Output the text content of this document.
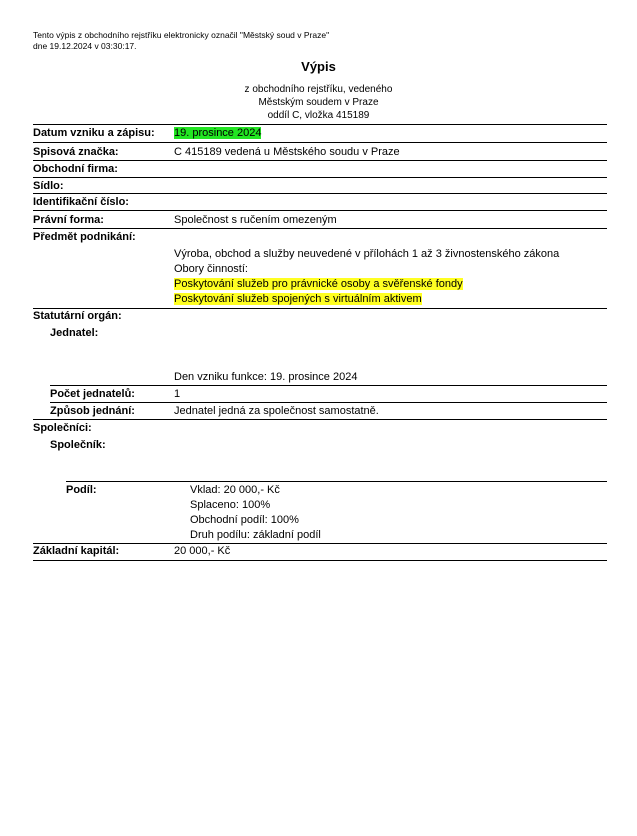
Tento výpis z obchodního rejstříku elektronicky označil "Městský soud v Praze"
dne 19.12.2024 v 03:30:17.
Výpis
z obchodního rejstříku, vedeného
Městským soudem v Praze
oddíl C, vložka 415189
Datum vzniku a zápisu: 19. prosince 2024
Spisová značka:	C 415189 vedená u Městského soudu v Praze
Obchodní firma:
Sídlo:
Identifikační číslo:
Právní forma:	Společnost s ručením omezeným
Předmět podnikání:
Výroba, obchod a služby neuvedené v přílohách 1 až 3 živnostenského zákona
Obory činností:
Poskytování služeb pro právnické osoby a svěřenské fondy
Poskytování služeb spojených s virtuálním aktivem
Statutární orgán:
Jednatel:
Den vzniku funkce: 19. prosince 2024
Počet jednatelů:	1
Způsob jednání:	Jednatel jedná za společnost samostatně.
Společníci:
Společník:
Podíl:	Vklad: 20 000,- Kč
Splaceno: 100%
Obchodní podíl: 100%
Druh podílu: základní podíl
Základní kapitál:	20 000,- Kč
